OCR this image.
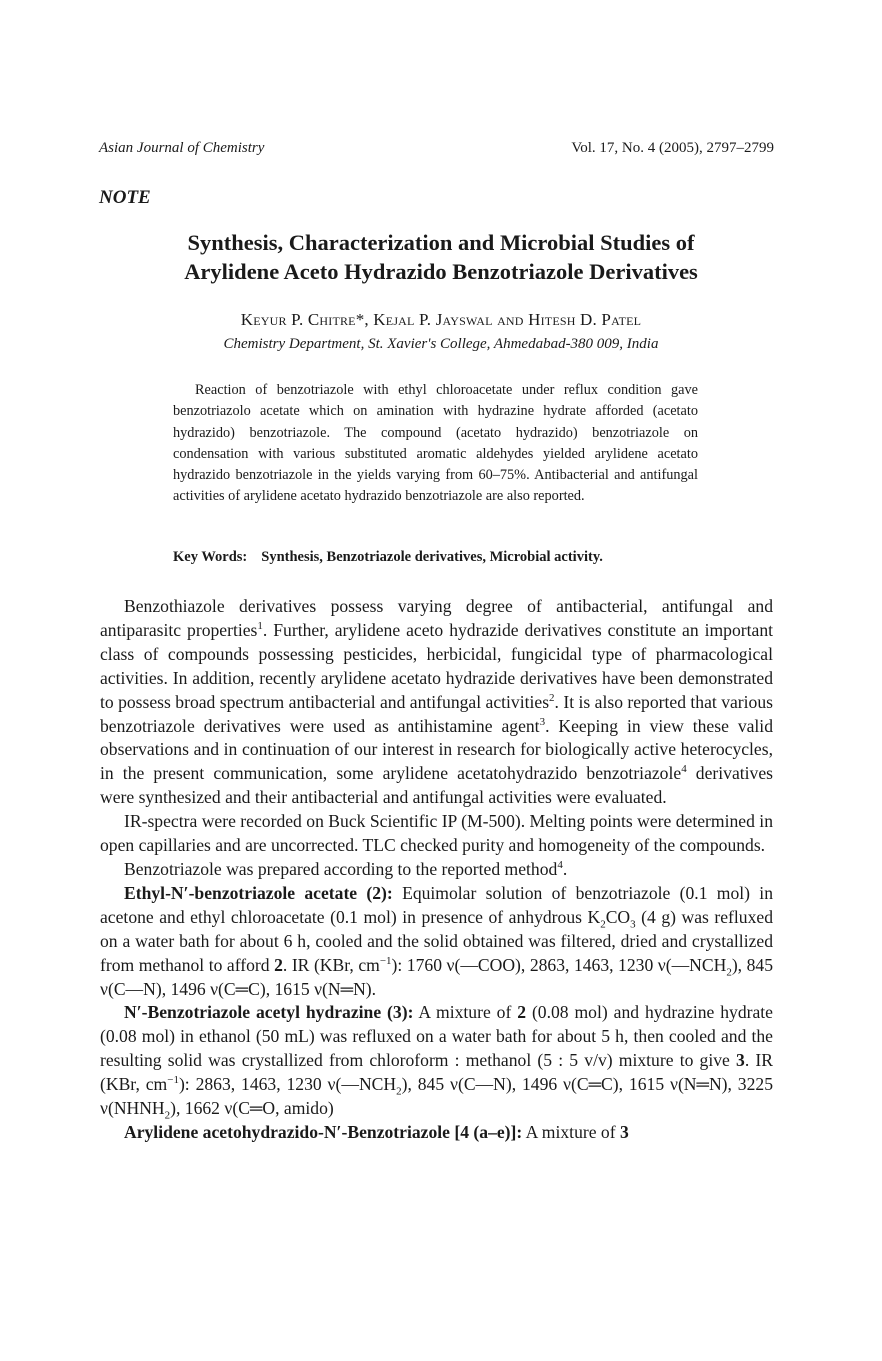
Asian Journal of Chemistry	Vol. 17, No. 4 (2005), 2797–2799
NOTE
Synthesis, Characterization and Microbial Studies of
Arylidene Aceto Hydrazido Benzotriazole Derivatives
Keyur P. Chitre*, Kejal P. Jayswal and Hitesh D. Patel
Chemistry Department, St. Xavier's College, Ahmedabad-380 009, India
Reaction of benzotriazole with ethyl chloroacetate under reflux condition gave benzotriazolo acetate which on amination with hydrazine hydrate afforded (acetato hydrazido) benzotriazole. The compound (acetato hydrazido) benzotriazole on condensation with various substituted aromatic aldehydes yielded arylidene acetato hydrazido benzotriazole in the yields varying from 60–75%. Antibacterial and antifungal activities of arylidene acetato hydrazido benzotriazole are also reported.
Key Words: Synthesis, Benzotriazole derivatives, Microbial activity.

Benzothiazole derivatives possess varying degree of antibacterial, antifungal and antiparasitc properties$^1$. Further, arylidene aceto hydrazide derivatives constitute an important class of compounds possessing pesticides, herbicidal, fungicidal type of pharmacological activities. In addition, recently arylidene acetato hydrazide derivatives have been demonstrated to possess broad spectrum antibacterial and antifungal activities$^2$. It is also reported that various benzotriazole derivatives were used as antihistamine agent$^3$. Keeping in view these valid observations and in continuation of our interest in research for biologically active heterocycles, in the present communication, some arylidene acetatohydrazido benzotriazole$^4$ derivatives were synthesized and their antibacterial and antifungal activities were evaluated.

IR-spectra were recorded on Buck Scientific IP (M-500). Melting points were determined in open capillaries and are uncorrected. TLC checked purity and homogeneity of the compounds.

Benzotriazole was prepared according to the reported method$^4$.

Ethyl-N′-benzotriazole acetate (2): Equimolar solution of benzotriazole (0.1 mol) in acetone and ethyl chloroacetate (0.1 mol) in presence of anhydrous $K_2CO_3$ (4 g) was refluxed on a water bath for about 6 h, cooled and the solid obtained was filtered, dried and crystallized from methanol to afford 2. IR (KBr, $cm^{-1}$): 1760 ν(—COO), 2863, 1463, 1230 $\nu(—NCH_2)$, 845 ν(C—N), 1496 ν(C═C), 1615 ν(N═N).

N′-Benzotriazole acetyl hydrazine (3): A mixture of 2 (0.08 mol) and hydrazine hydrate (0.08 mol) in ethanol (50 mL) was refluxed on a water bath for about 5 h, then cooled and the resulting solid was crystallized from chloroform : methanol (5 : 5 v/v) mixture to give 3. IR (KBr, $cm^{-1}$): 2863, 1463, 1230 $\nu(—NCH_2)$, 845 ν(C—N), 1496 ν(C═C), 1615 ν(N═N), 3225 $\nu(NHNH_2)$, 1662 ν(C═O, amido)

Arylidene acetohydrazido-N′-Benzotriazole [4 (a–e)]: A mixture of 3
